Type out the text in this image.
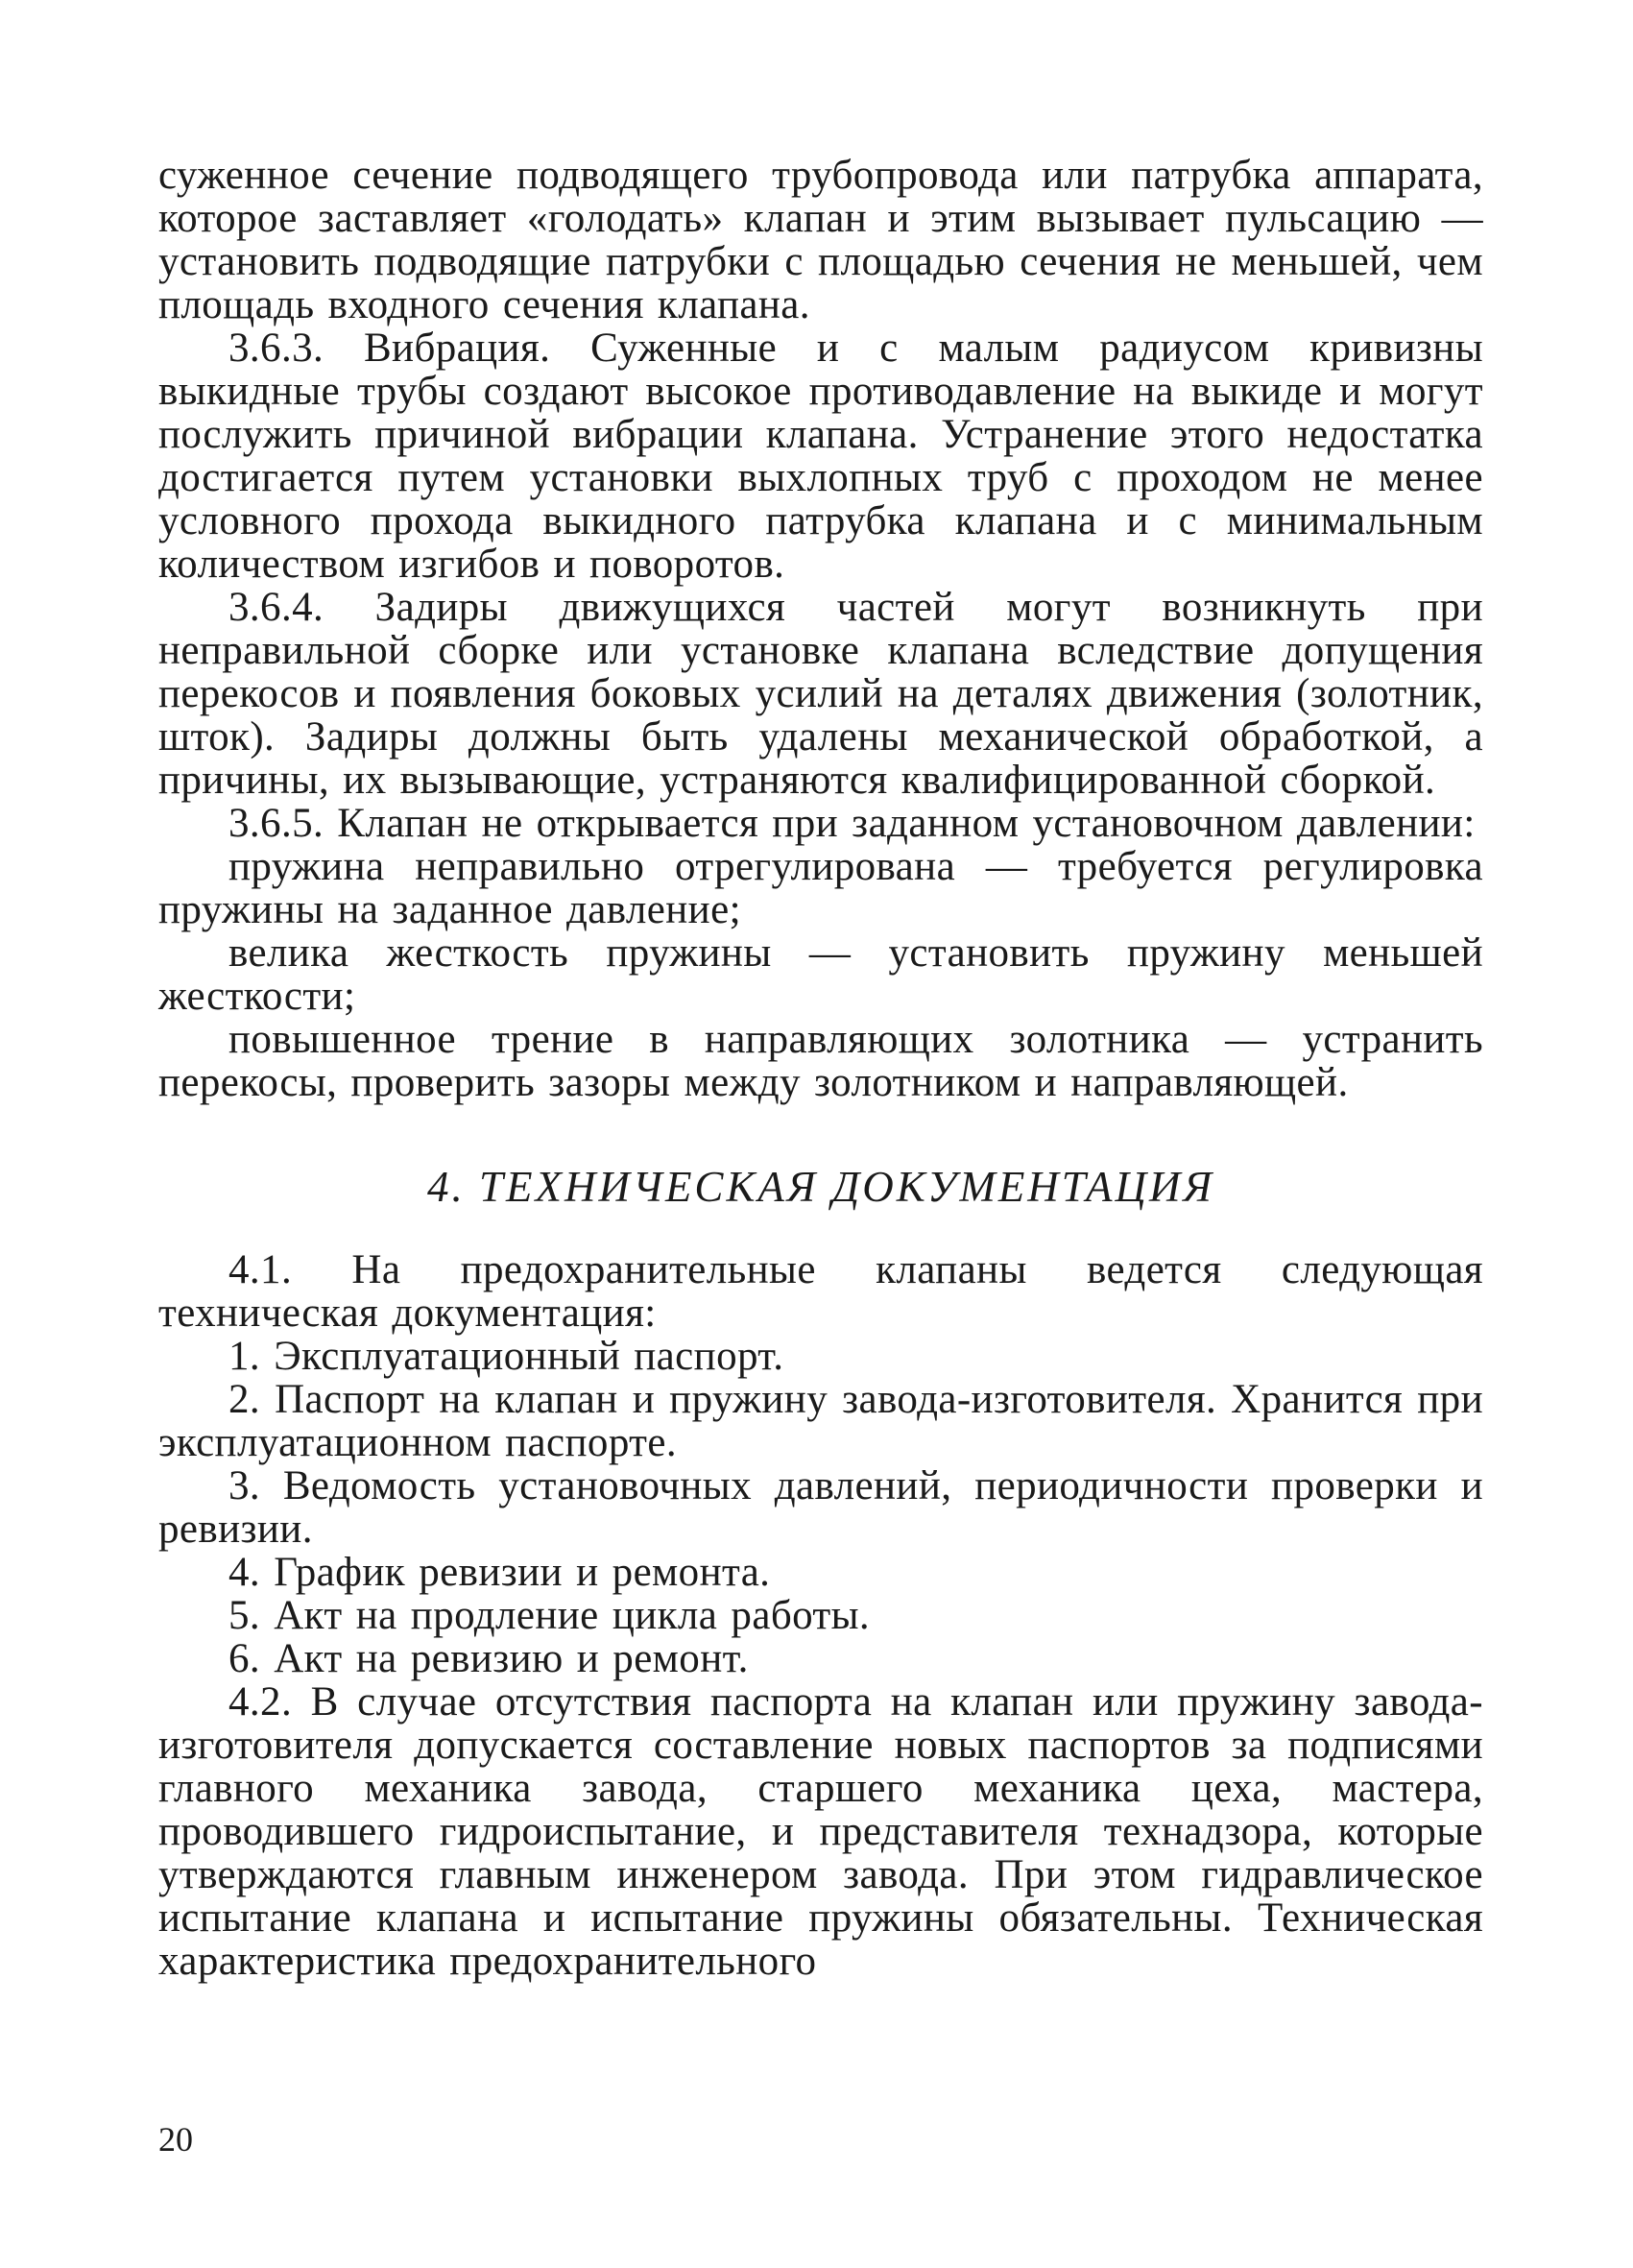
суженное сечение подводящего трубопровода или патрубка аппарата, которое заставляет «голодать» клапан и этим вызывает пульсацию — установить подводящие патрубки с площадью сечения не меньшей, чем площадь входного сечения клапана.

3.6.3. Вибрация. Суженные и с малым радиусом кривизны выкидные трубы создают высокое противодавление на выкиде и могут послужить причиной вибрации клапана. Устранение этого недостатка достигается путем установки выхлопных труб с проходом не менее условного прохода выкидного патрубка клапана и с минимальным количеством изгибов и поворотов.

3.6.4. Задиры движущихся частей могут возникнуть при неправильной сборке или установке клапана вследствие допущения перекосов и появления боковых усилий на деталях движения (золотник, шток). Задиры должны быть удалены механической обработкой, а причины, их вызывающие, устраняются квалифицированной сборкой.

3.6.5. Клапан не открывается при заданном установочном давлении:

пружина неправильно отрегулирована — требуется регулировка пружины на заданное давление;

велика жесткость пружины — установить пружину меньшей жесткости;

повышенное трение в направляющих золотника — устранить перекосы, проверить зазоры между золотником и направляющей.

4. ТЕХНИЧЕСКАЯ ДОКУМЕНТАЦИЯ

4.1. На предохранительные клапаны ведется следующая техническая документация:

1. Эксплуатационный паспорт.

2. Паспорт на клапан и пружину завода-изготовителя. Хранится при эксплуатационном паспорте.

3. Ведомость установочных давлений, периодичности проверки и ревизии.

4. График ревизии и ремонта.

5. Акт на продление цикла работы.

6. Акт на ревизию и ремонт.

4.2. В случае отсутствия паспорта на клапан или пружину завода-изготовителя допускается составление новых паспортов за подписями главного механика завода, старшего механика цеха, мастера, проводившего гидроиспытание, и представителя технадзора, которые утверждаются главным инженером завода. При этом гидравлическое испытание клапана и испытание пружины обязательны. Техническая характеристика предохранительного

20
